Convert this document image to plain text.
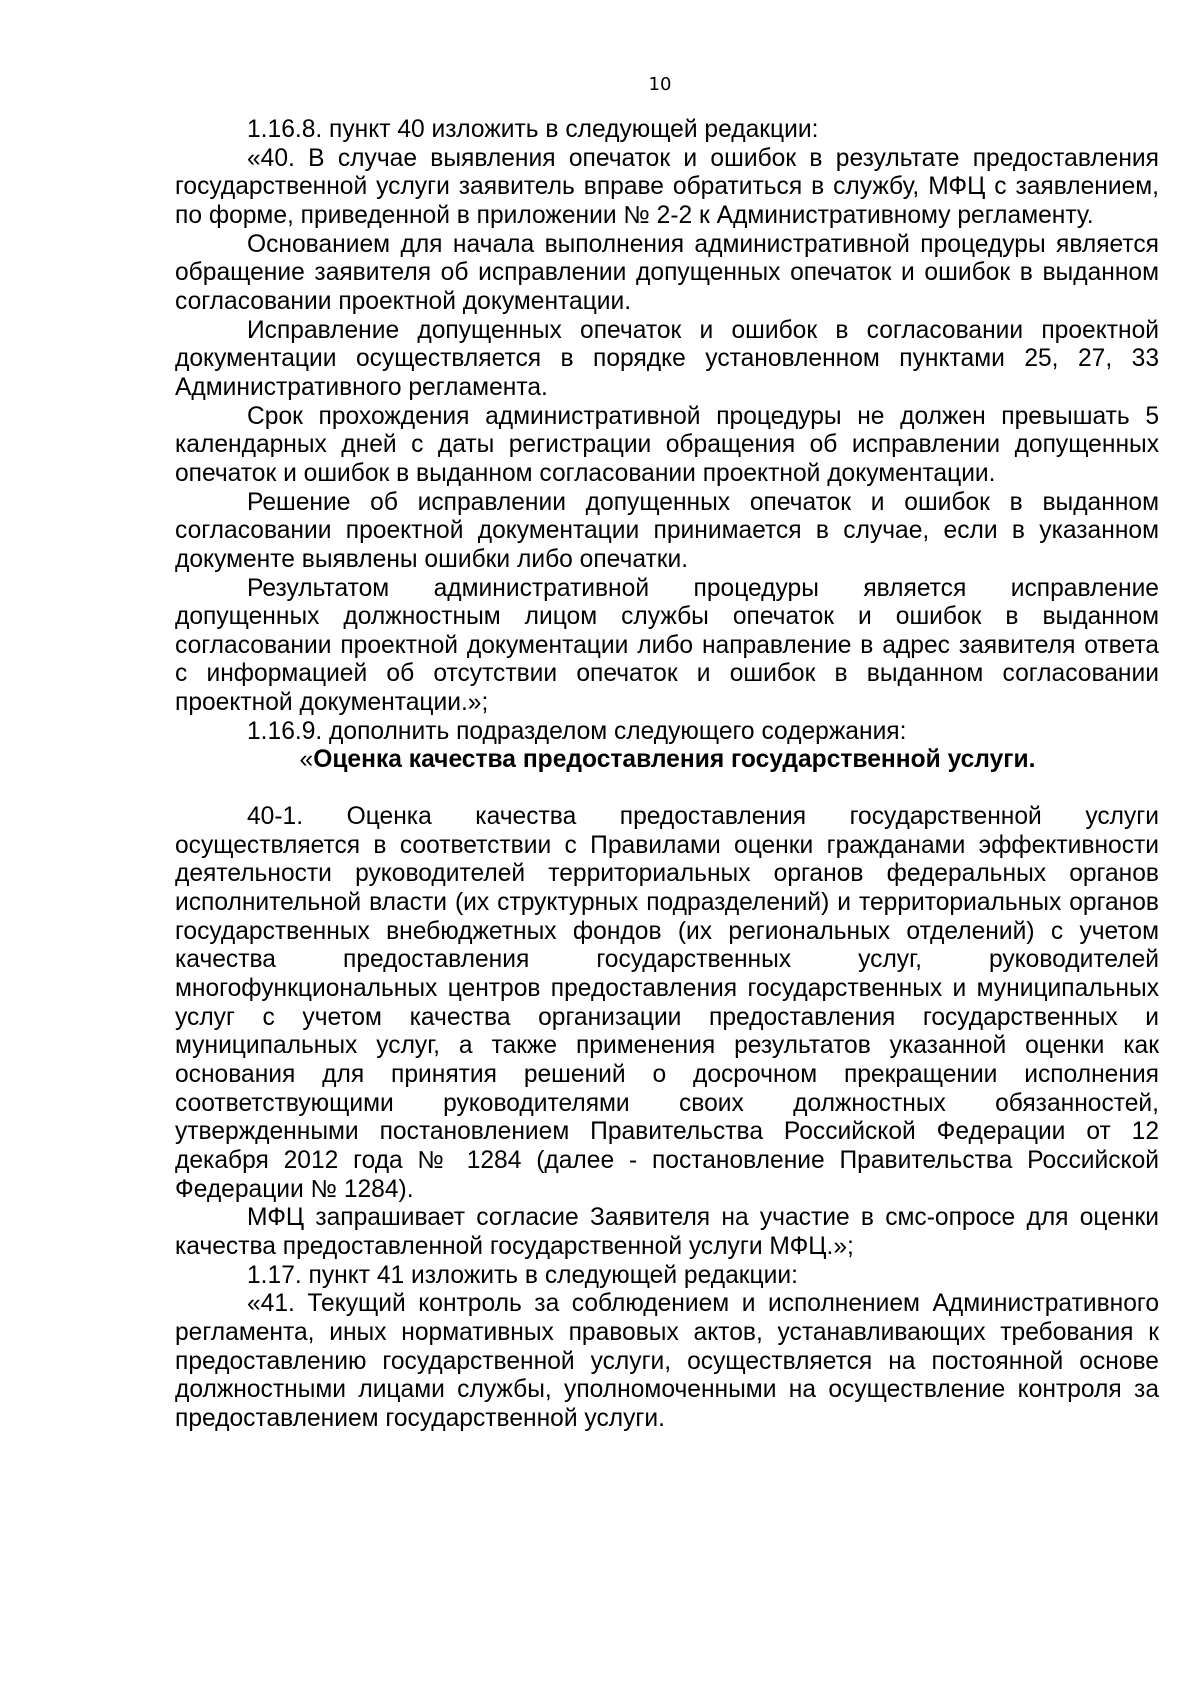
10

1.16.8. пункт 40 изложить в следующей редакции:

«40. В случае выявления опечаток и ошибок в результате предоставления государственной услуги заявитель вправе обратиться в службу, МФЦ с заявлением, по форме, приведенной в приложении № 2-2 к Административному регламенту.

Основанием для начала выполнения административной процедуры является обращение заявителя об исправлении допущенных опечаток и ошибок в выданном согласовании проектной документации.

Исправление допущенных опечаток и ошибок в согласовании проектной документации осуществляется в порядке установленном пунктами 25, 27, 33 Административного регламента.

Срок прохождения административной процедуры не должен превышать 5 календарных дней с даты регистрации обращения об исправлении допущенных опечаток и ошибок в выданном согласовании проектной документации.

Решение об исправлении допущенных опечаток и ошибок в выданном согласовании проектной документации принимается в случае, если в указанном документе выявлены ошибки либо опечатки.

Результатом административной процедуры является исправление допущенных должностным лицом службы опечаток и ошибок в выданном согласовании проектной документации либо направление в адрес заявителя ответа с информацией об отсутствии опечаток и ошибок в выданном согласовании проектной документации.»;

1.16.9. дополнить подразделом следующего содержания:

«Оценка качества предоставления государственной услуги.

40-1. Оценка качества предоставления государственной услуги осуществляется в соответствии с Правилами оценки гражданами эффективности деятельности руководителей территориальных органов федеральных органов исполнительной власти (их структурных подразделений) и территориальных органов государственных внебюджетных фондов (их региональных отделений) с учетом качества предоставления государственных услуг, руководителей многофункциональных центров предоставления государственных и муниципальных услуг с учетом качества организации предоставления государственных и муниципальных услуг, а также применения результатов указанной оценки как основания для принятия решений о досрочном прекращении исполнения соответствующими руководителями своих должностных обязанностей, утвержденными постановлением Правительства Российской Федерации от 12 декабря 2012 года № 1284 (далее - постановление Правительства Российской Федерации № 1284).

МФЦ запрашивает согласие Заявителя на участие в смс-опросе для оценки качества предоставленной государственной услуги МФЦ.»;

1.17. пункт 41 изложить в следующей редакции:

«41. Текущий контроль за соблюдением и исполнением Административного регламента, иных нормативных правовых актов, устанавливающих требования к предоставлению государственной услуги, осуществляется на постоянной основе должностными лицами службы, уполномоченными на осуществление контроля за предоставлением государственной услуги.
